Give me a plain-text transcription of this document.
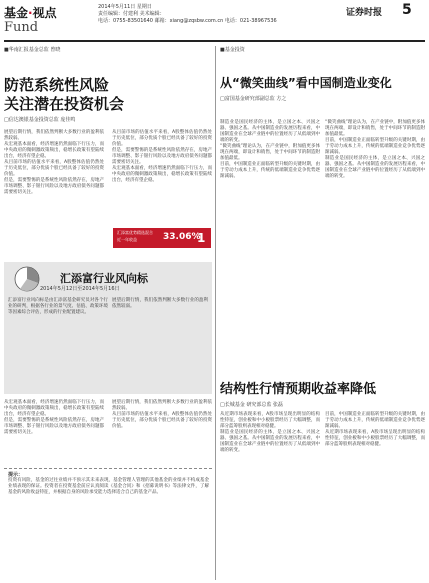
基金·视点
Fund
2014年5月11日 星期日
责任编辑：付建利 美术编辑：
电话：0755-83501640 邮箱：xiang@zqsbw.com.cn 电话：021-38967536
证券时报 5
■华南汇报基金总监 曾晓
防范系统性风险
关注潜在投资机会
□信达澳银基金投资总监 庞佳鸣

展望后期行情，我们依然判断大多数行业的盈利依然较弱。

从宏观基本面看，经济增速仍然面临下行压力，而中央政府的微刺激政策频出，稳增长政策有望陆续出台，经济有望企稳。

从目前市场的估值水平来看，A股整体估值仍然处于历史低位，部分优质个股已经具备了较好的投资价值。

但是，需要警惕的是系统性风险依然存在，房地产市场调整、影子银行风险以及地方政府债务问题都需要密切关注。

从目前市场的估值水平来看，A股整体估值仍然处于历史低位，部分优质个股已经具备了较好的投资价值。

但是，需要警惕的是系统性风险依然存在，房地产市场调整、影子银行风险以及地方政府债务问题都需要密切关注。

从宏观基本面看，经济增速仍然面临下行压力，而中央政府的微刺激政策频出，稳增长政策有望陆续出台，经济有望企稳。

汇添富优势精选混合
近一年收益	33.06%
1
汇添富行业风向标
2014年5月12日至2014年5月16日

汇添富行业风向标是由汇添富基金研究员对各个行业的研判，根据各行业的景气度、估值、政策环境等因素综合评估，形成的行业配置建议。

展望后期行情，我们依然判断大多数行业的盈利依然较弱。

从宏观基本面看，经济增速仍然面临下行压力，而中央政府的微刺激政策频出，稳增长政策有望陆续出台，经济有望企稳。

但是，需要警惕的是系统性风险依然存在，房地产市场调整、影子银行风险以及地方政府债务问题都需要密切关注。

展望后期行情，我们依然判断大多数行业的盈利依然较弱。

从目前市场的估值水平来看，A股整体估值仍然处于历史低位，部分优质个股已经具备了较好的投资价值。

提示：

投资有风险，基金的过往业绩并不预示其未来表现，基金管理人管理的其他基金的业绩并不构成基金业绩表现的保证。投资者在投资基金前应认真阅读《基金合同》和《招募说明书》等法律文件，了解基金的风险收益特征，并根据自身的风险承受能力选择适合自己的基金产品。

■基金投资
从“微笑曲线”看中国制造业变化
□富国基金研究部副总监 方之

制造业是国民经济的主体，是立国之本、兴国之器、强国之基。从中国制造业的发展历程来看，中国制造业在全球产业链中的位置经历了从低端到中端的转变。

“微笑曲线”理论认为，在产业链中，附加值更多体现在两端，即设计和销售，处于中间环节的制造附加值最低。

目前，中国制造业正面临转型升级的关键时期，由于劳动力成本上升，传统的低端制造业竞争优势逐渐减弱。

“微笑曲线”理论认为，在产业链中，附加值更多体现在两端，即设计和销售，处于中间环节的制造附加值最低。

目前，中国制造业正面临转型升级的关键时期，由于劳动力成本上升，传统的低端制造业竞争优势逐渐减弱。

制造业是国民经济的主体，是立国之本、兴国之器、强国之基。从中国制造业的发展历程来看，中国制造业在全球产业链中的位置经历了从低端到中端的转变。

结构性行情预期收益率降低
□长城基金 研究部总监 张磊

从近期市场表现来看，A股市场呈现出明显的结构性特征，创业板和中小板股票经历了大幅调整，而部分蓝筹股则表现相对稳健。

制造业是国民经济的主体，是立国之本、兴国之器、强国之基。从中国制造业的发展历程来看，中国制造业在全球产业链中的位置经历了从低端到中端的转变。

目前，中国制造业正面临转型升级的关键时期，由于劳动力成本上升，传统的低端制造业竞争优势逐渐减弱。

从近期市场表现来看，A股市场呈现出明显的结构性特征，创业板和中小板股票经历了大幅调整，而部分蓝筹股则表现相对稳健。
